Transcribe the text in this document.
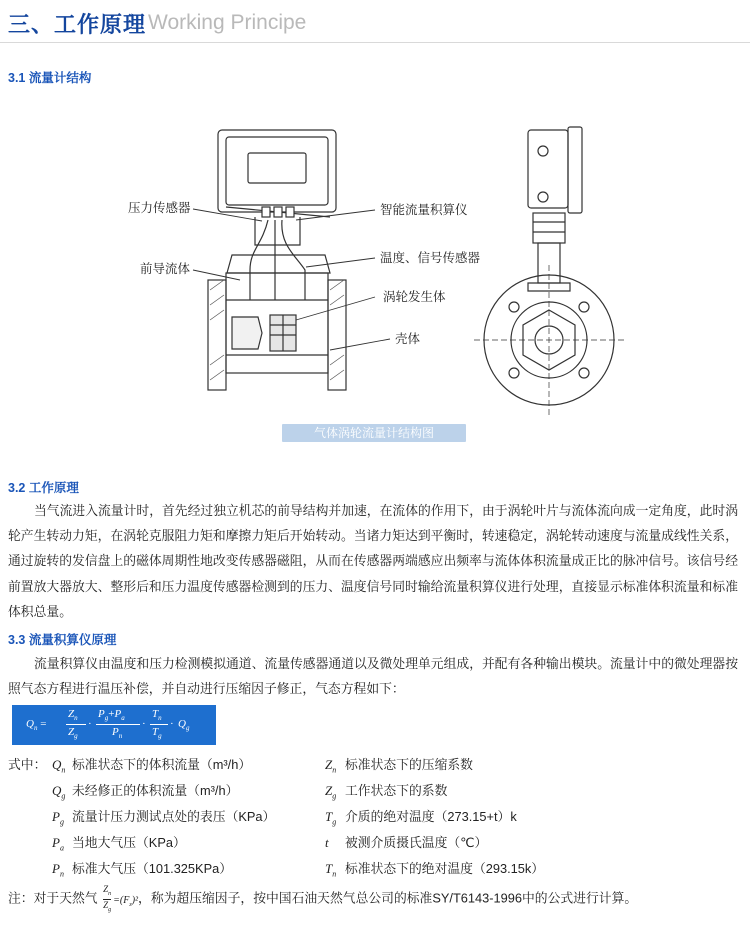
三、工作原理 Working Principe
3.1 流量计结构
压力传感器
前导流体
智能流量积算仪
温度、信号传感器
涡轮发生体
壳体
气体涡轮流量计结构图
3.2 工作原理
当气流进入流量计时，首先经过独立机芯的前导结构并加速，在流体的作用下，由于涡轮叶片与流体流向成一定角度，此时涡轮产生转动力矩，在涡轮克服阻力矩和摩擦力矩后开始转动。当诸力矩达到平衡时，转速稳定，涡轮转动速度与流量成线性关系，通过旋转的发信盘上的磁体周期性地改变传感器磁阻，从而在传感器两端感应出频率与流体体积流量成正比的脉冲信号。该信号经前置放大器放大、整形后和压力温度传感器检测到的压力、温度信号同时输给流量积算仪进行处理，直接显示标准体积流量和标准体积总量。
3.3 流量积算仪原理
流量积算仪由温度和压力检测模拟通道、流量传感器通道以及微处理单元组成，并配有各种输出模块。流量计中的微处理器按照气态方程进行温压补偿，并自动进行压缩因子修正，气态方程如下：
$Q_n$ =
$Z_n$
$Z_g$
·
$P_g+P_a$
$P_n$
·
$T_n$
$T_g$
· $Q_g$
式中： $Q_n$ 标准状态下的体积流量（m³/h）
$Q_g$ 未经修正的体积流量（m³/h）
$P_g$ 流量计压力测试点处的表压（KPa）
$P_a$ 当地大气压（KPa）
$P_n$ 标准大气压（101.325KPa）
$Z_n$ 标准状态下的压缩系数
$Z_g$ 工作状态下的系数
$T_g$ 介质的绝对温度（273.15+t）k
t 被测介质摄氏温度（℃）
$T_n$ 标准状态下的绝对温度（293.15k）
注：对于天然气 $\frac{Z_n}{Z_g} =(F_z)^2$，称为超压缩因子，按中国石油天然气总公司的标准SY/T6143-1996中的公式进行计算。
